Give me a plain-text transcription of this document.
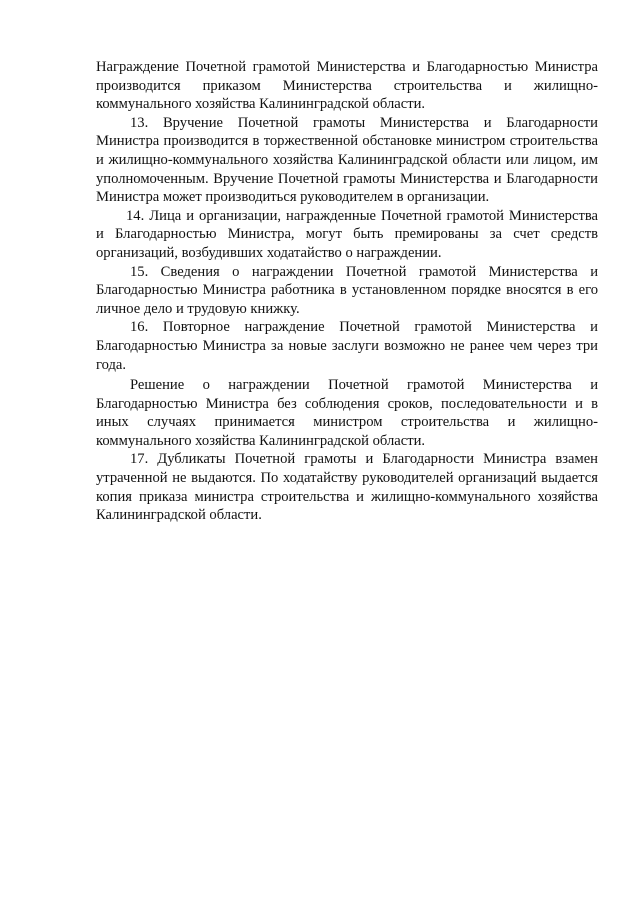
Награждение Почетной грамотой Министерства и Благодарностью Министра производится приказом Министерства строительства и жилищно-коммунального хозяйства Калининградской области.

13. Вручение Почетной грамоты Министерства и Благодарности Министра производится в торжественной обстановке министром строительства и жилищно-коммунального хозяйства Калининградской области или лицом, им уполномоченным. Вручение Почетной грамоты Министерства и Благодарности Министра может производиться руководителем в организации.

14. Лица и организации, награжденные Почетной грамотой Министерства и Благодарностью Министра, могут быть премированы за счет средств организаций, возбудивших ходатайство о награждении.

15. Сведения о награждении Почетной грамотой Министерства и Благодарностью Министра работника в установленном порядке вносятся в его личное дело и трудовую книжку.

16. Повторное награждение Почетной грамотой Министерства и Благодарностью Министра за новые заслуги возможно не ранее чем через три года.

Решение о награждении Почетной грамотой Министерства и Благодарностью Министра без соблюдения сроков, последовательности и в иных случаях принимается министром строительства и жилищно-коммунального хозяйства Калининградской области.

17. Дубликаты Почетной грамоты и Благодарности Министра взамен утраченной не выдаются. По ходатайству руководителей организаций выдается копия приказа министра строительства и жилищно-коммунального хозяйства Калининградской области.
